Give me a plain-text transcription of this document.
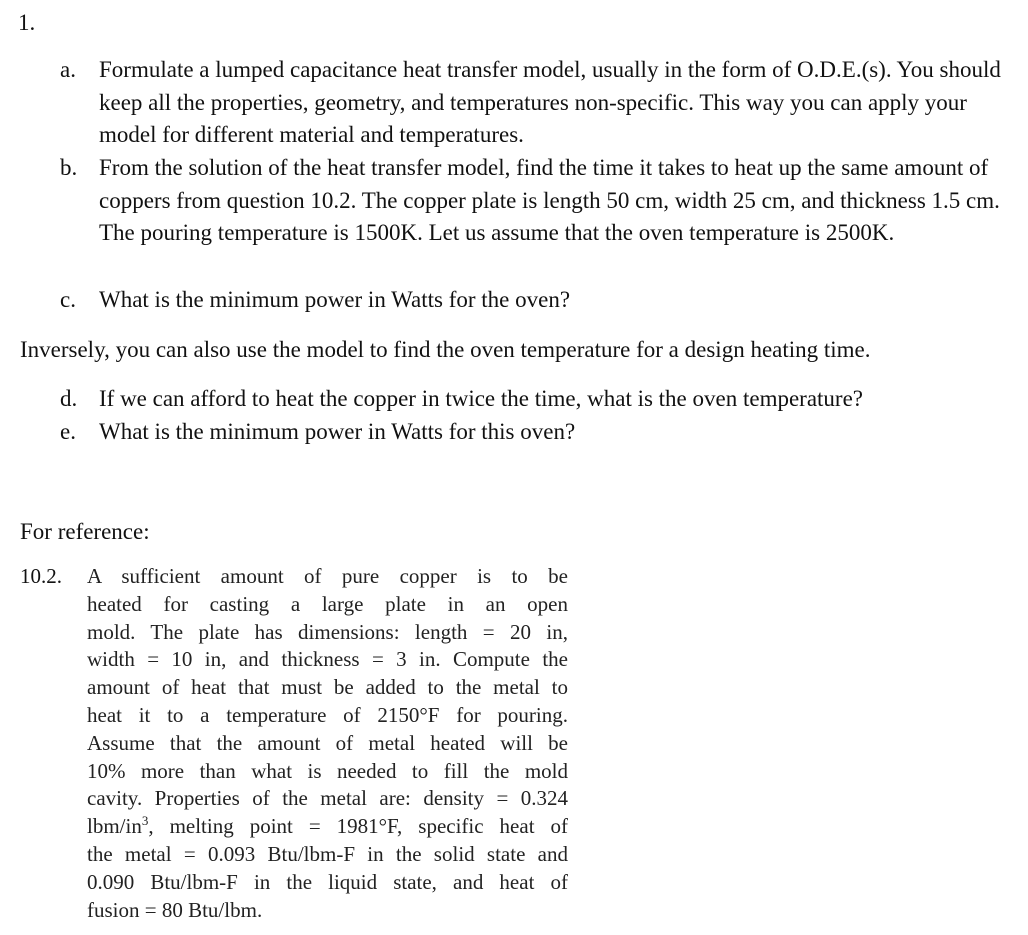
1.
a.	Formulate a lumped capacitance heat transfer model, usually in the form of O.D.E.(s). You should keep all the properties, geometry, and temperatures non-specific. This way you can apply your model for different material and temperatures.
b. From the solution of the heat transfer model, find the time it takes to heat up the same amount of coppers from question 10.2. The copper plate is length 50 cm, width 25 cm, and thickness 1.5 cm. The pouring temperature is 1500K. Let us assume that the oven temperature is 2500K.
c.	What is the minimum power in Watts for the oven?
Inversely, you can also use the model to find the oven temperature for a design heating time.
d. If we can afford to heat the copper in twice the time, what is the oven temperature?
e.	What is the minimum power in Watts for this oven?
For reference:
10.2. A sufficient amount of pure copper is to be
heated for casting a large plate in an open
mold. The plate has dimensions: length = 20 in,
width = 10 in, and thickness = 3 in. Compute the
amount of heat that must be added to the metal to
heat it to a temperature of 2150°F for pouring.
Assume that the amount of metal heated will be
10% more than what is needed to fill the mold
cavity. Properties of the metal are: density = 0.324
lbm/$in^3$, melting point = 1981°F, specific heat of
the metal = 0.093 Btu/lbm-F in the solid state and
0.090 Btu/lbm-F in the liquid state, and heat of
fusion = 80 Btu/lbm.
